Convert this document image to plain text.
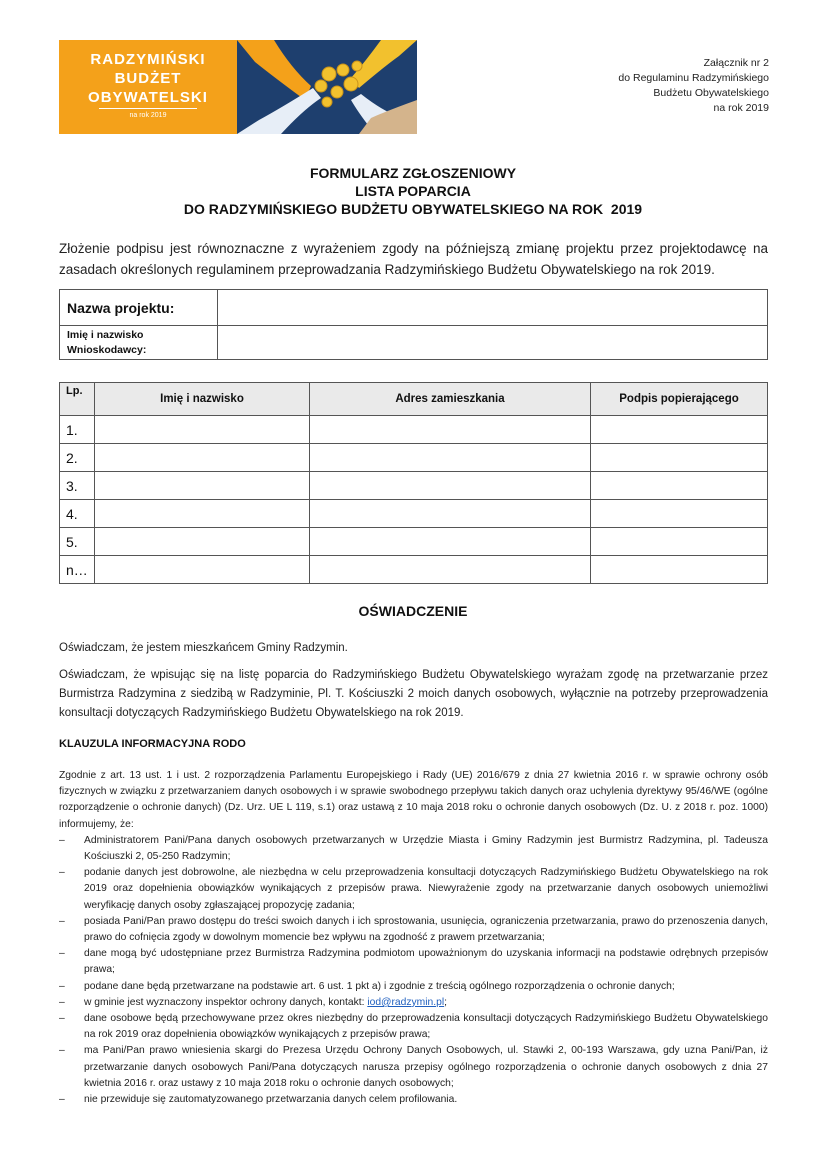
RADZYMIŃSKI
BUDŻET
OBYWATELSKI
na rok 2019
Załącznik nr 2
do Regulaminu Radzymińskiego
Budżetu Obywatelskiego
na rok 2019
FORMULARZ ZGŁOSZENIOWY
LISTA POPARCIA
DO RADZYMIŃSKIEGO BUDŻETU OBYWATELSKIEGO NA ROK  2019
Złożenie podpisu jest równoznaczne z wyrażeniem zgody na późniejszą zmianę projektu przez projektodawcę na zasadach określonych regulaminem przeprowadzania Radzymińskiego Budżetu Obywatelskiego na rok 2019.
Nazwa projektu:	

Imię i nazwisko
Wnioskodawcy:	

Lp.	Imię i nazwisko	Adres zamieszkania	Podpis popierającego
1.			
2.			
3.			
4.			
5.			
n…			
OŚWIADCZENIE
Oświadczam, że jestem mieszkańcem Gminy Radzymin.
Oświadczam, że wpisując się na listę poparcia do Radzymińskiego Budżetu Obywatelskiego wyrażam zgodę na przetwarzanie przez Burmistrza Radzymina z siedzibą w Radzyminie, Pl. T. Kościuszki 2 moich danych osobowych, wyłącznie na potrzeby przeprowadzenia konsultacji dotyczących Radzymińskiego Budżetu Obywatelskiego na rok 2019.
KLAUZULA INFORMACYJNA RODO
Zgodnie z art. 13 ust. 1 i ust. 2 rozporządzenia Parlamentu Europejskiego i Rady (UE) 2016/679 z dnia 27 kwietnia 2016 r. w sprawie ochrony osób fizycznych w związku z przetwarzaniem danych osobowych i w sprawie swobodnego przepływu takich danych oraz uchylenia dyrektywy 95/46/WE (ogólne rozporządzenie o ochronie danych) (Dz. Urz. UE L 119, s.1) oraz ustawą z 10 maja 2018 roku o ochronie danych osobowych (Dz. U. z 2018 r. poz. 1000) informujemy, że:
– Administratorem Pani/Pana danych osobowych przetwarzanych w Urzędzie Miasta i Gminy Radzymin jest Burmistrz Radzymina, pl. Tadeusza Kościuszki 2, 05-250 Radzymin;
– podanie danych jest dobrowolne, ale niezbędna w celu przeprowadzenia konsultacji dotyczących Radzymińskiego Budżetu Obywatelskiego na rok 2019 oraz dopełnienia obowiązków wynikających z przepisów prawa. Niewyrażenie zgody na przetwarzanie danych osobowych uniemożliwi weryfikację danych osoby zgłaszającej propozycję zadania;
– posiada Pani/Pan prawo dostępu do treści swoich danych i ich sprostowania, usunięcia, ograniczenia przetwarzania, prawo do przenoszenia danych, prawo do cofnięcia zgody w dowolnym momencie bez wpływu na zgodność z prawem przetwarzania;
– dane mogą być udostępniane przez Burmistrza Radzymina podmiotom upoważnionym do uzyskania informacji na podstawie odrębnych przepisów prawa;
– podane dane będą przetwarzane na podstawie art. 6 ust. 1 pkt a) i zgodnie z treścią ogólnego rozporządzenia o ochronie danych;
– w gminie jest wyznaczony inspektor ochrony danych, kontakt: iod@radzymin.pl;
– dane osobowe będą przechowywane przez okres niezbędny do przeprowadzenia konsultacji dotyczących Radzymińskiego Budżetu Obywatelskiego na rok 2019 oraz dopełnienia obowiązków wynikających z przepisów prawa;
– ma Pani/Pan prawo wniesienia skargi do Prezesa Urzędu Ochrony Danych Osobowych, ul. Stawki 2, 00-193 Warszawa, gdy uzna Pani/Pan, iż przetwarzanie danych osobowych Pani/Pana dotyczących narusza przepisy ogólnego rozporządzenia o ochronie danych osobowych z dnia 27 kwietnia 2016 r. oraz ustawy z 10 maja 2018 roku o ochronie danych osobowych;
– nie przewiduje się zautomatyzowanego przetwarzania danych celem profilowania.
